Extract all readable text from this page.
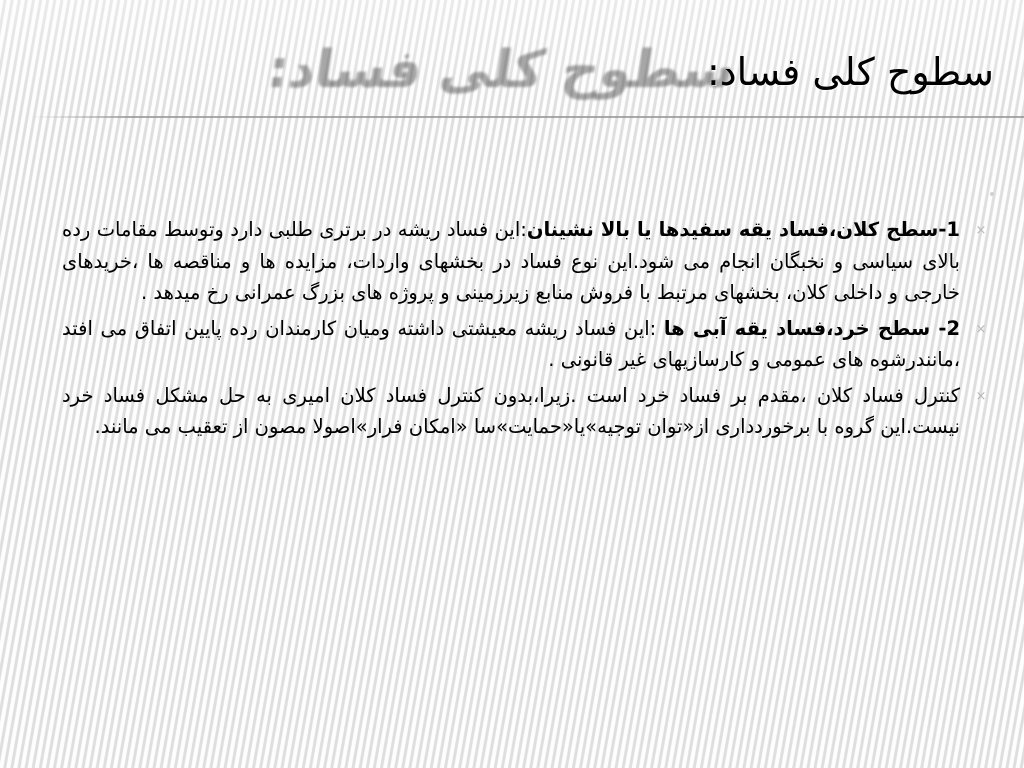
سطوح کلی فساد:
سطوح کلی فساد:

×
1-سطح کلان،فساد یقه سفیدها یا بالا نشینان:این فساد ریشه در برتری طلبی دارد وتوسط مقامات رده بالای سیاسی و نخبگان انجام می شود.این نوع فساد در بخشهای واردات، مزایده ها و مناقصه ها ،خریدهای خارجی و داخلی کلان، بخشهای مرتبط با فروش منابع زیرزمینی و پروژه های بزرگ عمرانی رخ میدهد .

×
2- سطح خرد،فساد یقه آبی ها :این فساد ریشه معیشتی داشته ومیان کارمندان رده پایین اتفاق می افتد ،مانندرشوه های عمومی و کارسازیهای غیر قانونی .

×
کنترل فساد کلان ،مقدم بر فساد خرد است .زیرا،بدون کنترل فساد کلان امیری به حل مشکل فساد خرد نیست.این گروه با برخوردداری از«توان توجیه»یا«حمایت»سا «امکان فرار»اصولا مصون از تعقیب می مانند.
